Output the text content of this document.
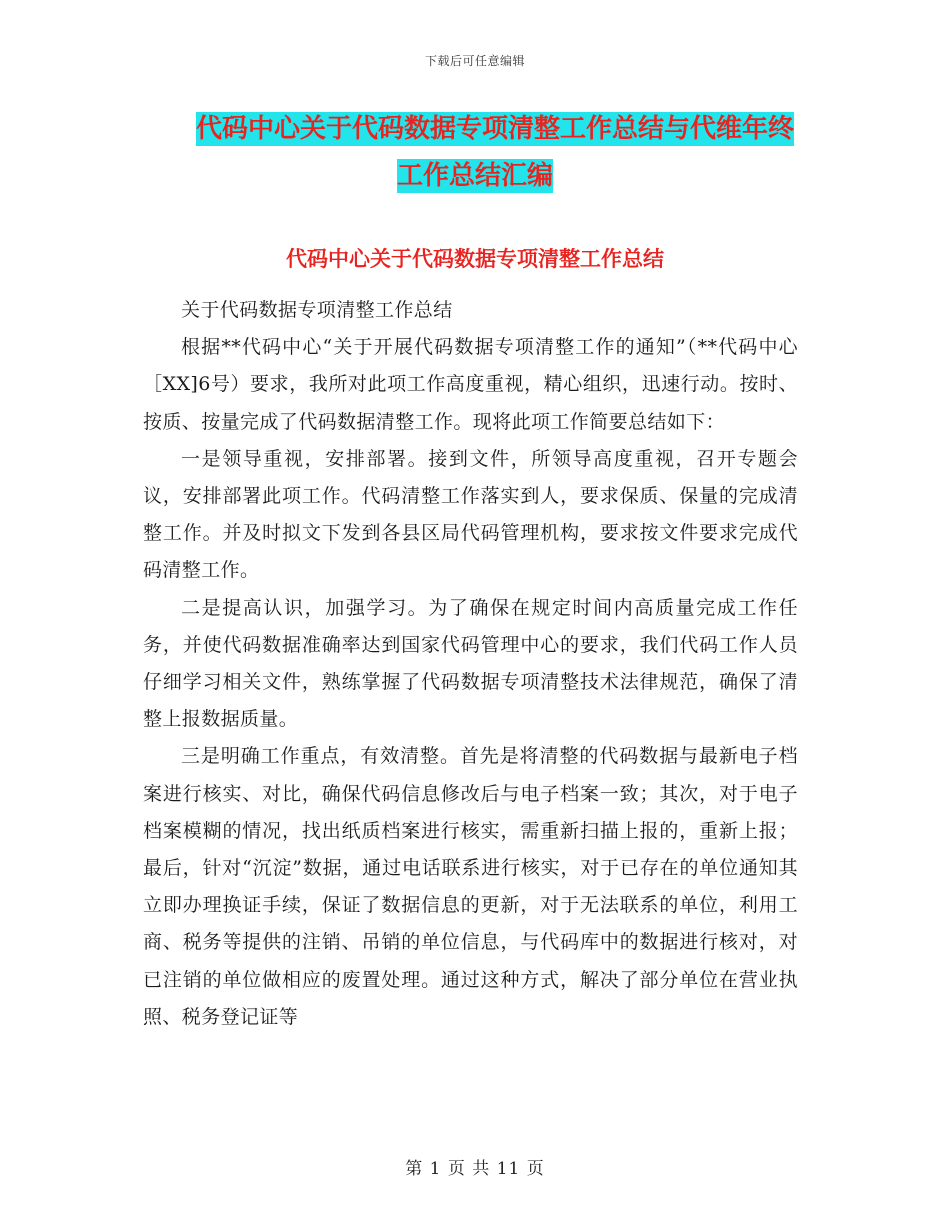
下载后可任意编辑
代码中心关于代码数据专项清整工作总结与代维年终
工作总结汇编
代码中心关于代码数据专项清整工作总结

关于代码数据专项清整工作总结

根据**代码中心“关于开展代码数据专项清整工作的通知”（**代码中心［XX]6号）要求，我所对此项工作高度重视，精心组织，迅速行动。按时、按质、按量完成了代码数据清整工作。现将此项工作简要总结如下：

一是领导重视，安排部署。接到文件，所领导高度重视，召开专题会议，安排部署此项工作。代码清整工作落实到人，要求保质、保量的完成清整工作。并及时拟文下发到各县区局代码管理机构，要求按文件要求完成代码清整工作。

二是提高认识，加强学习。为了确保在规定时间内高质量完成工作任务，并使代码数据准确率达到国家代码管理中心的要求，我们代码工作人员仔细学习相关文件，熟练掌握了代码数据专项清整技术法律规范，确保了清整上报数据质量。

三是明确工作重点，有效清整。首先是将清整的代码数据与最新电子档案进行核实、对比，确保代码信息修改后与电子档案一致；其次，对于电子档案模糊的情况，找出纸质档案进行核实，需重新扫描上报的，重新上报；最后，针对“沉淀”数据，通过电话联系进行核实，对于已存在的单位通知其立即办理换证手续，保证了数据信息的更新，对于无法联系的单位，利用工商、税务等提供的注销、吊销的单位信息，与代码库中的数据进行核对，对已注销的单位做相应的废置处理。通过这种方式，解决了部分单位在营业执照、税务登记证等

第 1 页 共 11 页
